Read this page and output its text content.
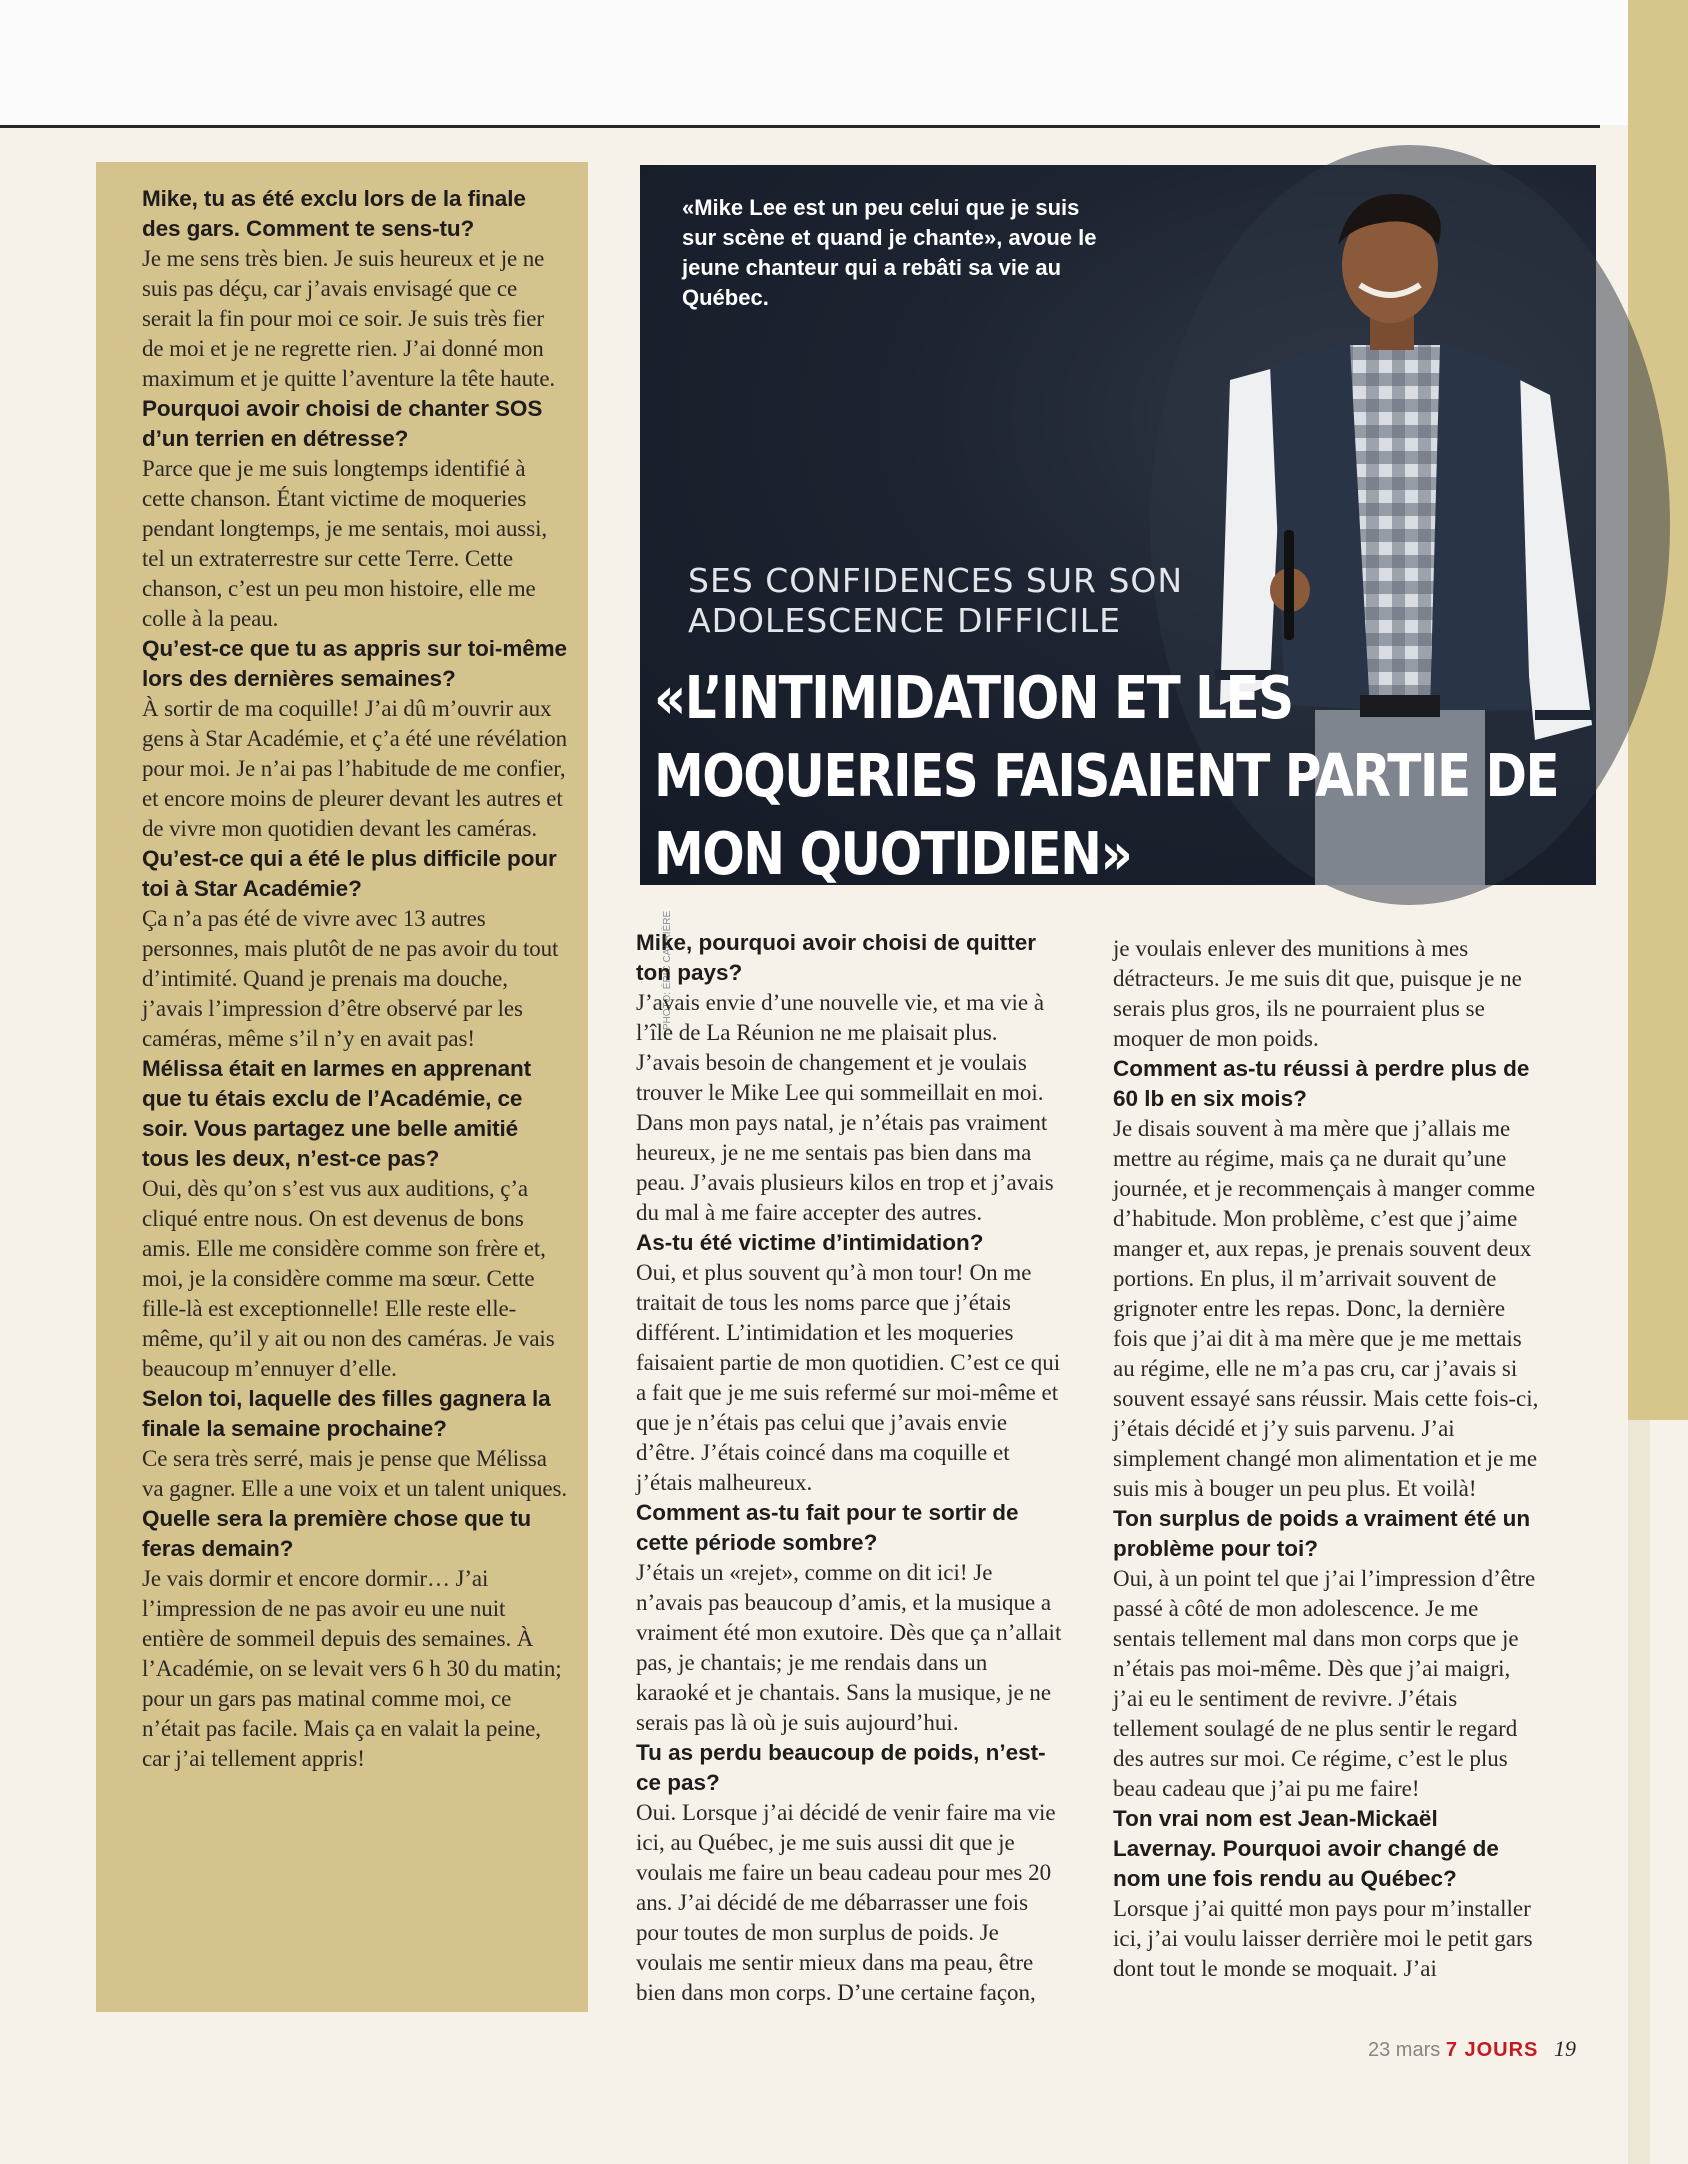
Mike, tu as été exclu lors de la finale des gars. Comment te sens-tu?

Je me sens très bien. Je suis heureux et je ne suis pas déçu, car j’avais envisagé que ce serait la fin pour moi ce soir. Je suis très fier de moi et je ne regrette rien. J’ai donné mon maximum et je quitte l’aventure la tête haute.

Pourquoi avoir choisi de chanter SOS d’un terrien en détresse?

Parce que je me suis longtemps identifié à cette chanson. Étant victime de moqueries pendant longtemps, je me sentais, moi aussi, tel un extraterrestre sur cette Terre. Cette chanson, c’est un peu mon histoire, elle me colle à la peau.

Qu’est-ce que tu as appris sur toi-même lors des dernières semaines?

À sortir de ma coquille! J’ai dû m’ouvrir aux gens à Star Académie, et ç’a été une révélation pour moi. Je n’ai pas l’habitude de me confier, et encore moins de pleurer devant les autres et de vivre mon quotidien devant les caméras.

Qu’est-ce qui a été le plus difficile pour toi à Star Académie?

Ça n’a pas été de vivre avec 13 autres personnes, mais plutôt de ne pas avoir du tout d’intimité. Quand je prenais ma douche, j’avais l’impression d’être observé par les caméras, même s’il n’y en avait pas!

Mélissa était en larmes en apprenant que tu étais exclu de l’Académie, ce soir. Vous partagez une belle amitié tous les deux, n’est-ce pas?

Oui, dès qu’on s’est vus aux auditions, ç’a cliqué entre nous. On est devenus de bons amis. Elle me considère comme son frère et, moi, je la considère comme ma sœur. Cette fille-là est exceptionnelle! Elle reste elle-même, qu’il y ait ou non des caméras. Je vais beaucoup m’ennuyer d’elle.

Selon toi, laquelle des filles gagnera la finale la semaine prochaine?

Ce sera très serré, mais je pense que Mélissa va gagner. Elle a une voix et un talent uniques.

Quelle sera la première chose que tu feras demain?

Je vais dormir et encore dormir… J’ai l’impression de ne pas avoir eu une nuit entière de sommeil depuis des semaines. À l’Académie, on se levait vers 6 h 30 du matin; pour un gars pas matinal comme moi, ce n’était pas facile. Mais ça en valait la peine, car j’ai tellement appris!

«Mike Lee est un peu celui que je suis sur scène et quand je chante», avoue le jeune chanteur qui a rebâti sa vie au Québec.
SES CONFIDENCES SUR SON ADOLESCENCE DIFFICILE
«L’INTIMIDATION ET LES MOQUERIES FAISAIENT PARTIE DE MON QUOTIDIEN»
PHOTO: ÉRIC CARRIÈRE

Mike, pourquoi avoir choisi de quitter ton pays?

J’avais envie d’une nouvelle vie, et ma vie à l’île de La Réunion ne me plaisait plus. J’avais besoin de changement et je voulais trouver le Mike Lee qui sommeillait en moi. Dans mon pays natal, je n’étais pas vraiment heureux, je ne me sentais pas bien dans ma peau. J’avais plusieurs kilos en trop et j’avais du mal à me faire accepter des autres.

As-tu été victime d’intimidation?

Oui, et plus souvent qu’à mon tour! On me traitait de tous les noms parce que j’étais différent. L’intimidation et les moqueries faisaient partie de mon quotidien. C’est ce qui a fait que je me suis refermé sur moi-même et que je n’étais pas celui que j’avais envie d’être. J’étais coincé dans ma coquille et j’étais malheureux.

Comment as-tu fait pour te sortir de cette période sombre?

J’étais un «rejet», comme on dit ici! Je n’avais pas beaucoup d’amis, et la musique a vraiment été mon exutoire. Dès que ça n’allait pas, je chantais; je me rendais dans un karaoké et je chantais. Sans la musique, je ne serais pas là où je suis aujourd’hui.

Tu as perdu beaucoup de poids, n’est-ce pas?

Oui. Lorsque j’ai décidé de venir faire ma vie ici, au Québec, je me suis aussi dit que je voulais me faire un beau cadeau pour mes 20 ans. J’ai décidé de me débarrasser une fois pour toutes de mon surplus de poids. Je voulais me sentir mieux dans ma peau, être bien dans mon corps. D’une certaine façon,

je voulais enlever des munitions à mes détracteurs. Je me suis dit que, puisque je ne serais plus gros, ils ne pourraient plus se moquer de mon poids.

Comment as-tu réussi à perdre plus de 60 lb en six mois?

Je disais souvent à ma mère que j’allais me mettre au régime, mais ça ne durait qu’une journée, et je recommençais à manger comme d’habitude. Mon problème, c’est que j’aime manger et, aux repas, je prenais souvent deux portions. En plus, il m’arrivait souvent de grignoter entre les repas. Donc, la dernière fois que j’ai dit à ma mère que je me mettais au régime, elle ne m’a pas cru, car j’avais si souvent essayé sans réussir. Mais cette fois-ci, j’étais décidé et j’y suis parvenu. J’ai simplement changé mon alimentation et je me suis mis à bouger un peu plus. Et voilà!

Ton surplus de poids a vraiment été un problème pour toi?

Oui, à un point tel que j’ai l’impression d’être passé à côté de mon adolescence. Je me sentais tellement mal dans mon corps que je n’étais pas moi-même. Dès que j’ai maigri, j’ai eu le sentiment de revivre. J’étais tellement soulagé de ne plus sentir le regard des autres sur moi. Ce régime, c’est le plus beau cadeau que j’ai pu me faire!

Ton vrai nom est Jean-Mickaël Lavernay. Pourquoi avoir changé de nom une fois rendu au Québec?

Lorsque j’ai quitté mon pays pour m’installer ici, j’ai voulu laisser derrière moi le petit gars dont tout le monde se moquait. J’ai

23 mars 7 JOURS 19
